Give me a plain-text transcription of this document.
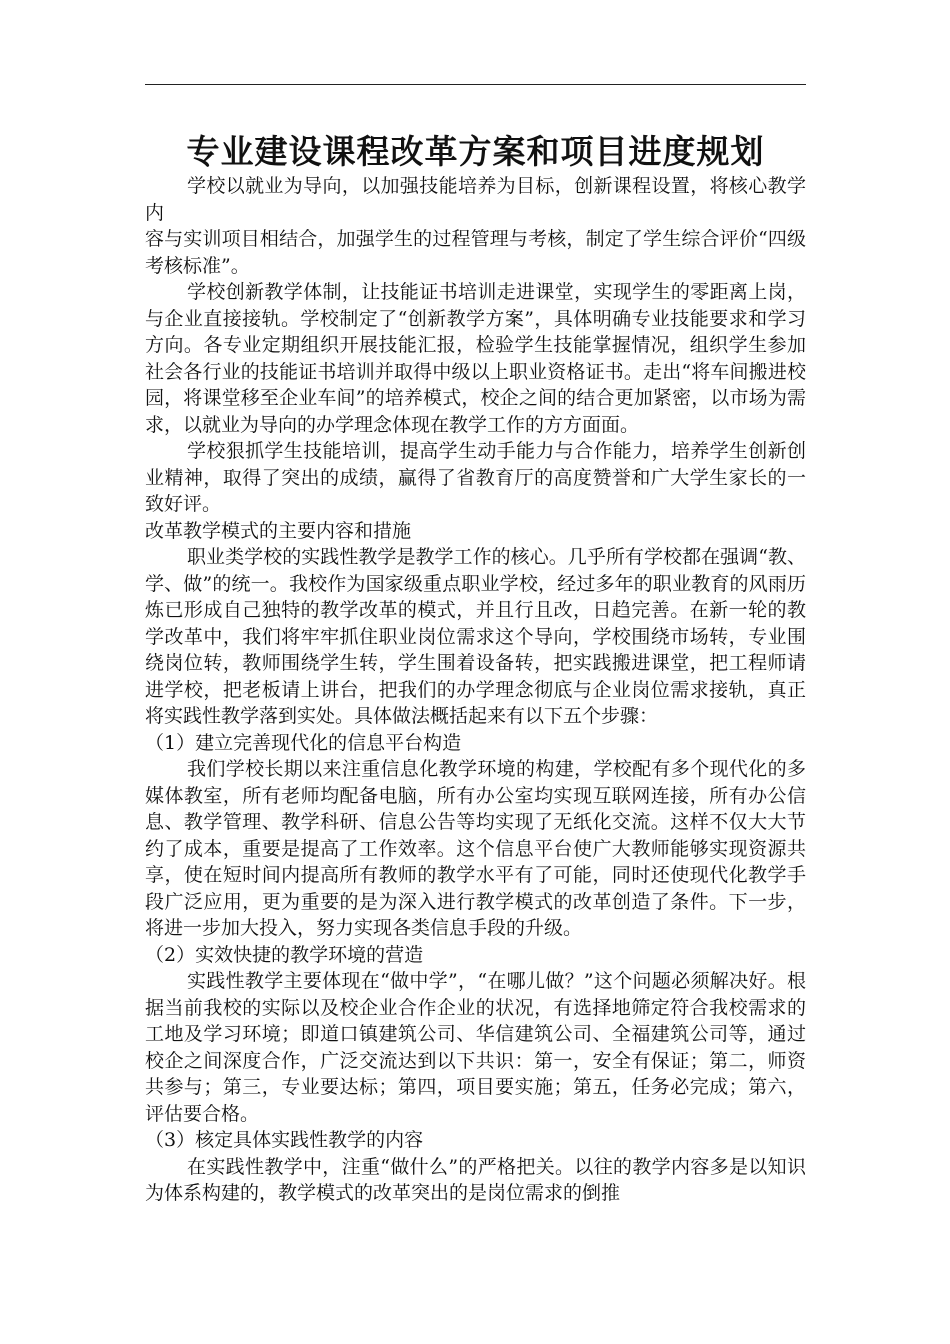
专业建设课程改革方案和项目进度规划

学校以就业为导向，以加强技能培养为目标，创新课程设置，将核心教学内

容与实训项目相结合，加强学生的过程管理与考核，制定了学生综合评价“四级考核标准”。

学校创新教学体制，让技能证书培训走进课堂，实现学生的零距离上岗，与企业直接接轨。学校制定了“创新教学方案”，具体明确专业技能要求和学习方向。各专业定期组织开展技能汇报，检验学生技能掌握情况，组织学生参加社会各行业的技能证书培训并取得中级以上职业资格证书。走出“将车间搬进校园，将课堂移至企业车间”的培养模式，校企之间的结合更加紧密，以市场为需求，以就业为导向的办学理念体现在教学工作的方方面面。

学校狠抓学生技能培训，提高学生动手能力与合作能力，培养学生创新创业精神，取得了突出的成绩，赢得了省教育厅的高度赞誉和广大学生家长的一致好评。

改革教学模式的主要内容和措施

职业类学校的实践性教学是教学工作的核心。几乎所有学校都在强调“教、学、做”的统一。我校作为国家级重点职业学校，经过多年的职业教育的风雨历炼已形成自己独特的教学改革的模式，并且行且改，日趋完善。在新一轮的教学改革中，我们将牢牢抓住职业岗位需求这个导向，学校围绕市场转，专业围绕岗位转，教师围绕学生转，学生围着设备转，把实践搬进课堂，把工程师请进学校，把老板请上讲台，把我们的办学理念彻底与企业岗位需求接轨，真正将实践性教学落到实处。具体做法概括起来有以下五个步骤：

（1）建立完善现代化的信息平台构造

我们学校长期以来注重信息化教学环境的构建，学校配有多个现代化的多媒体教室，所有老师均配备电脑，所有办公室均实现互联网连接，所有办公信息、教学管理、教学科研、信息公告等均实现了无纸化交流。这样不仅大大节约了成本，重要是提高了工作效率。这个信息平台使广大教师能够实现资源共享，使在短时间内提高所有教师的教学水平有了可能，同时还使现代化教学手段广泛应用，更为重要的是为深入进行教学模式的改革创造了条件。下一步，将进一步加大投入，努力实现各类信息手段的升级。

（2）实效快捷的教学环境的营造

实践性教学主要体现在“做中学”，“在哪儿做？”这个问题必须解决好。根据当前我校的实际以及校企业合作企业的状况，有选择地筛定符合我校需求的工地及学习环境；即道口镇建筑公司、华信建筑公司、全福建筑公司等，通过校企之间深度合作，广泛交流达到以下共识：第一，安全有保证；第二，师资共参与；第三，专业要达标；第四，项目要实施；第五，任务必完成；第六，评估要合格。

（3）核定具体实践性教学的内容

在实践性教学中，注重“做什么”的严格把关。以往的教学内容多是以知识为体系构建的，教学模式的改革突出的是岗位需求的倒推
